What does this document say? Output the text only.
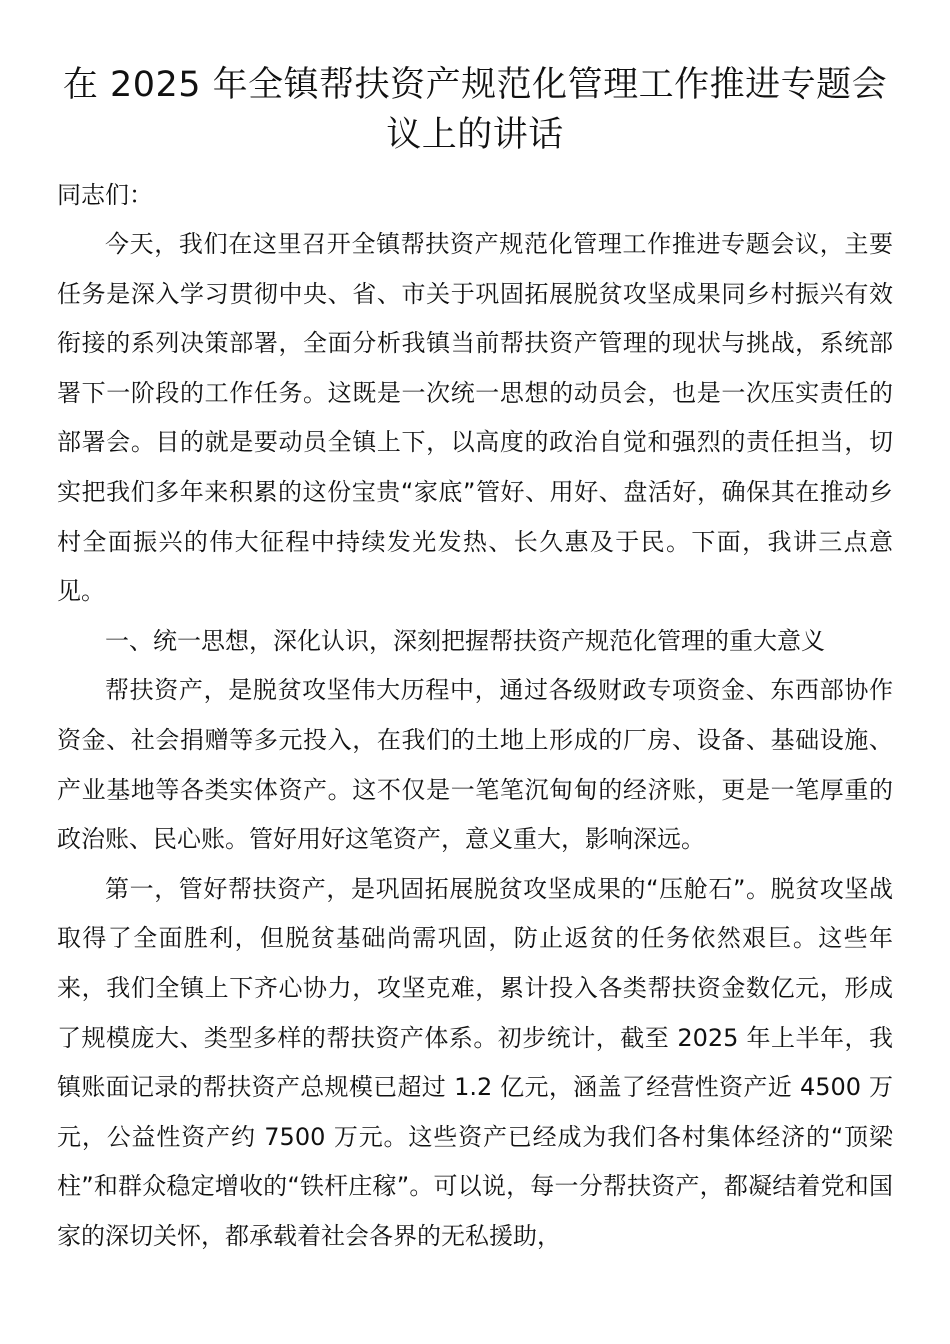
在 2025 年全镇帮扶资产规范化管理工作推进专题会议上的讲话

同志们：

今天，我们在这里召开全镇帮扶资产规范化管理工作推进专题会议，主要任务是深入学习贯彻中央、省、市关于巩固拓展脱贫攻坚成果同乡村振兴有效衔接的系列决策部署，全面分析我镇当前帮扶资产管理的现状与挑战，系统部署下一阶段的工作任务。这既是一次统一思想的动员会，也是一次压实责任的部署会。目的就是要动员全镇上下，以高度的政治自觉和强烈的责任担当，切实把我们多年来积累的这份宝贵“家底”管好、用好、盘活好，确保其在推动乡村全面振兴的伟大征程中持续发光发热、长久惠及于民。下面，我讲三点意见。

一、统一思想，深化认识，深刻把握帮扶资产规范化管理的重大意义

帮扶资产，是脱贫攻坚伟大历程中，通过各级财政专项资金、东西部协作资金、社会捐赠等多元投入，在我们的土地上形成的厂房、设备、基础设施、产业基地等各类实体资产。这不仅是一笔笔沉甸甸的经济账，更是一笔厚重的政治账、民心账。管好用好这笔资产，意义重大，影响深远。

第一，管好帮扶资产，是巩固拓展脱贫攻坚成果的“压舱石”。脱贫攻坚战取得了全面胜利，但脱贫基础尚需巩固，防止返贫的任务依然艰巨。这些年来，我们全镇上下齐心协力，攻坚克难，累计投入各类帮扶资金数亿元，形成了规模庞大、类型多样的帮扶资产体系。初步统计，截至 2025 年上半年，我镇账面记录的帮扶资产总规模已超过 1.2 亿元，涵盖了经营性资产近 4500 万元，公益性资产约 7500 万元。这些资产已经成为我们各村集体经济的“顶梁柱”和群众稳定增收的“铁杆庄稼”。可以说，每一分帮扶资产，都凝结着党和国家的深切关怀，都承载着社会各界的无私援助，
